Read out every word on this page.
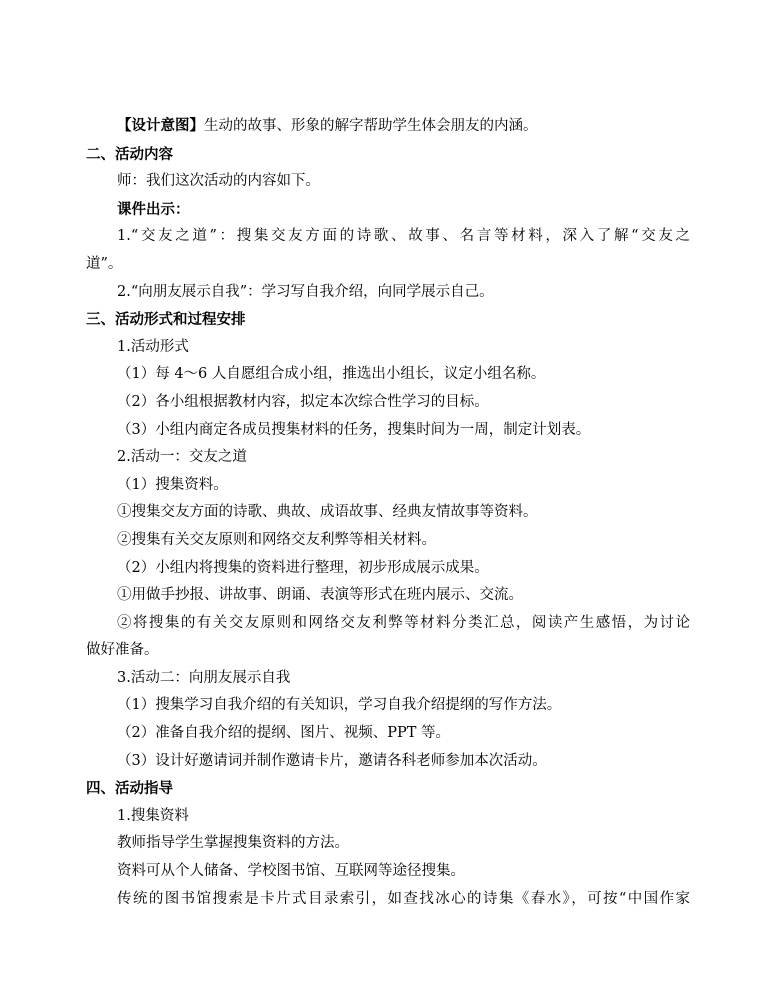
【设计意图】生动的故事、形象的解字帮助学生体会朋友的内涵。

二、活动内容

师：我们这次活动的内容如下。

课件出示：

1.“交友之道”：搜集交友方面的诗歌、故事、名言等材料，深入了解“交友之

道”。

2.“向朋友展示自我”：学习写自我介绍，向同学展示自己。

三、活动形式和过程安排

1.活动形式

（1）每 4～6 人自愿组合成小组，推选出小组长，议定小组名称。

（2）各小组根据教材内容，拟定本次综合性学习的目标。

（3）小组内商定各成员搜集材料的任务，搜集时间为一周，制定计划表。

2.活动一：交友之道

（1）搜集资料。

①搜集交友方面的诗歌、典故、成语故事、经典友情故事等资料。

②搜集有关交友原则和网络交友利弊等相关材料。

（2）小组内将搜集的资料进行整理，初步形成展示成果。

①用做手抄报、讲故事、朗诵、表演等形式在班内展示、交流。

②将搜集的有关交友原则和网络交友利弊等材料分类汇总，阅读产生感悟，为讨论

做好准备。

3.活动二：向朋友展示自我

（1）搜集学习自我介绍的有关知识，学习自我介绍提纲的写作方法。

（2）准备自我介绍的提纲、图片、视频、PPT 等。

（3）设计好邀请词并制作邀请卡片，邀请各科老师参加本次活动。

四、活动指导

1.搜集资料

教师指导学生掌握搜集资料的方法。

资料可从个人储备、学校图书馆、互联网等途径搜集。

传统的图书馆搜索是卡片式目录索引，如查找冰心的诗集《春水》，可按“中国作家
